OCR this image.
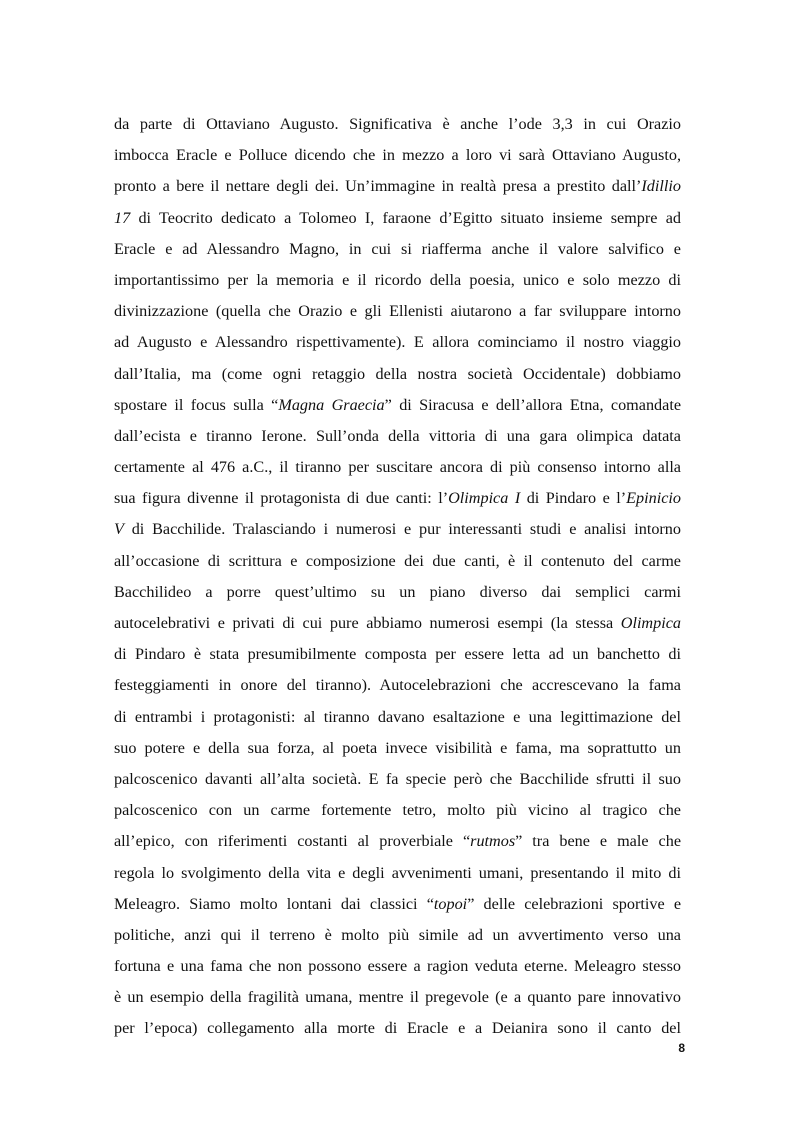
da parte di Ottaviano Augusto. Significativa è anche l’ode 3,3 in cui Orazio
imbocca Eracle e Polluce dicendo che in mezzo a loro vi sarà Ottaviano Augusto,
pronto a bere il nettare degli dei. Un’immagine in realtà presa a prestito dall’Idillio
17 di Teocrito dedicato a Tolomeo I, faraone d’Egitto situato insieme sempre ad
Eracle e ad Alessandro Magno, in cui si riafferma anche il valore salvifico e
importantissimo per la memoria e il ricordo della poesia, unico e solo mezzo di
divinizzazione (quella che Orazio e gli Ellenisti aiutarono a far sviluppare intorno
ad Augusto e Alessandro rispettivamente). E allora cominciamo il nostro viaggio
dall’Italia, ma (come ogni retaggio della nostra società Occidentale) dobbiamo
spostare il focus sulla “Magna Graecia” di Siracusa e dell’allora Etna, comandate
dall’ecista e tiranno Ierone. Sull’onda della vittoria di una gara olimpica datata
certamente al 476 a.C., il tiranno per suscitare ancora di più consenso intorno alla
sua figura divenne il protagonista di due canti: l’Olimpica I di Pindaro e l’Epinicio
V di Bacchilide. Tralasciando i numerosi e pur interessanti studi e analisi intorno
all’occasione di scrittura e composizione dei due canti, è il contenuto del carme
Bacchilideo a porre quest’ultimo su un piano diverso dai semplici carmi
autocelebrativi e privati di cui pure abbiamo numerosi esempi (la stessa Olimpica
di Pindaro è stata presumibilmente composta per essere letta ad un banchetto di
festeggiamenti in onore del tiranno). Autocelebrazioni che accrescevano la fama
di entrambi i protagonisti: al tiranno davano esaltazione e una legittimazione del
suo potere e della sua forza, al poeta invece visibilità e fama, ma soprattutto un
palcoscenico davanti all’alta società. E fa specie però che Bacchilide sfrutti il suo
palcoscenico con un carme fortemente tetro, molto più vicino al tragico che
all’epico, con riferimenti costanti al proverbiale “rutmos” tra bene e male che
regola lo svolgimento della vita e degli avvenimenti umani, presentando il mito di
Meleagro. Siamo molto lontani dai classici “topoi” delle celebrazioni sportive e
politiche, anzi qui il terreno è molto più simile ad un avvertimento verso una
fortuna e una fama che non possono essere a ragion veduta eterne. Meleagro stesso
è un esempio della fragilità umana, mentre il pregevole (e a quanto pare innovativo
per l’epoca) collegamento alla morte di Eracle e a Deianira sono il canto del
8
